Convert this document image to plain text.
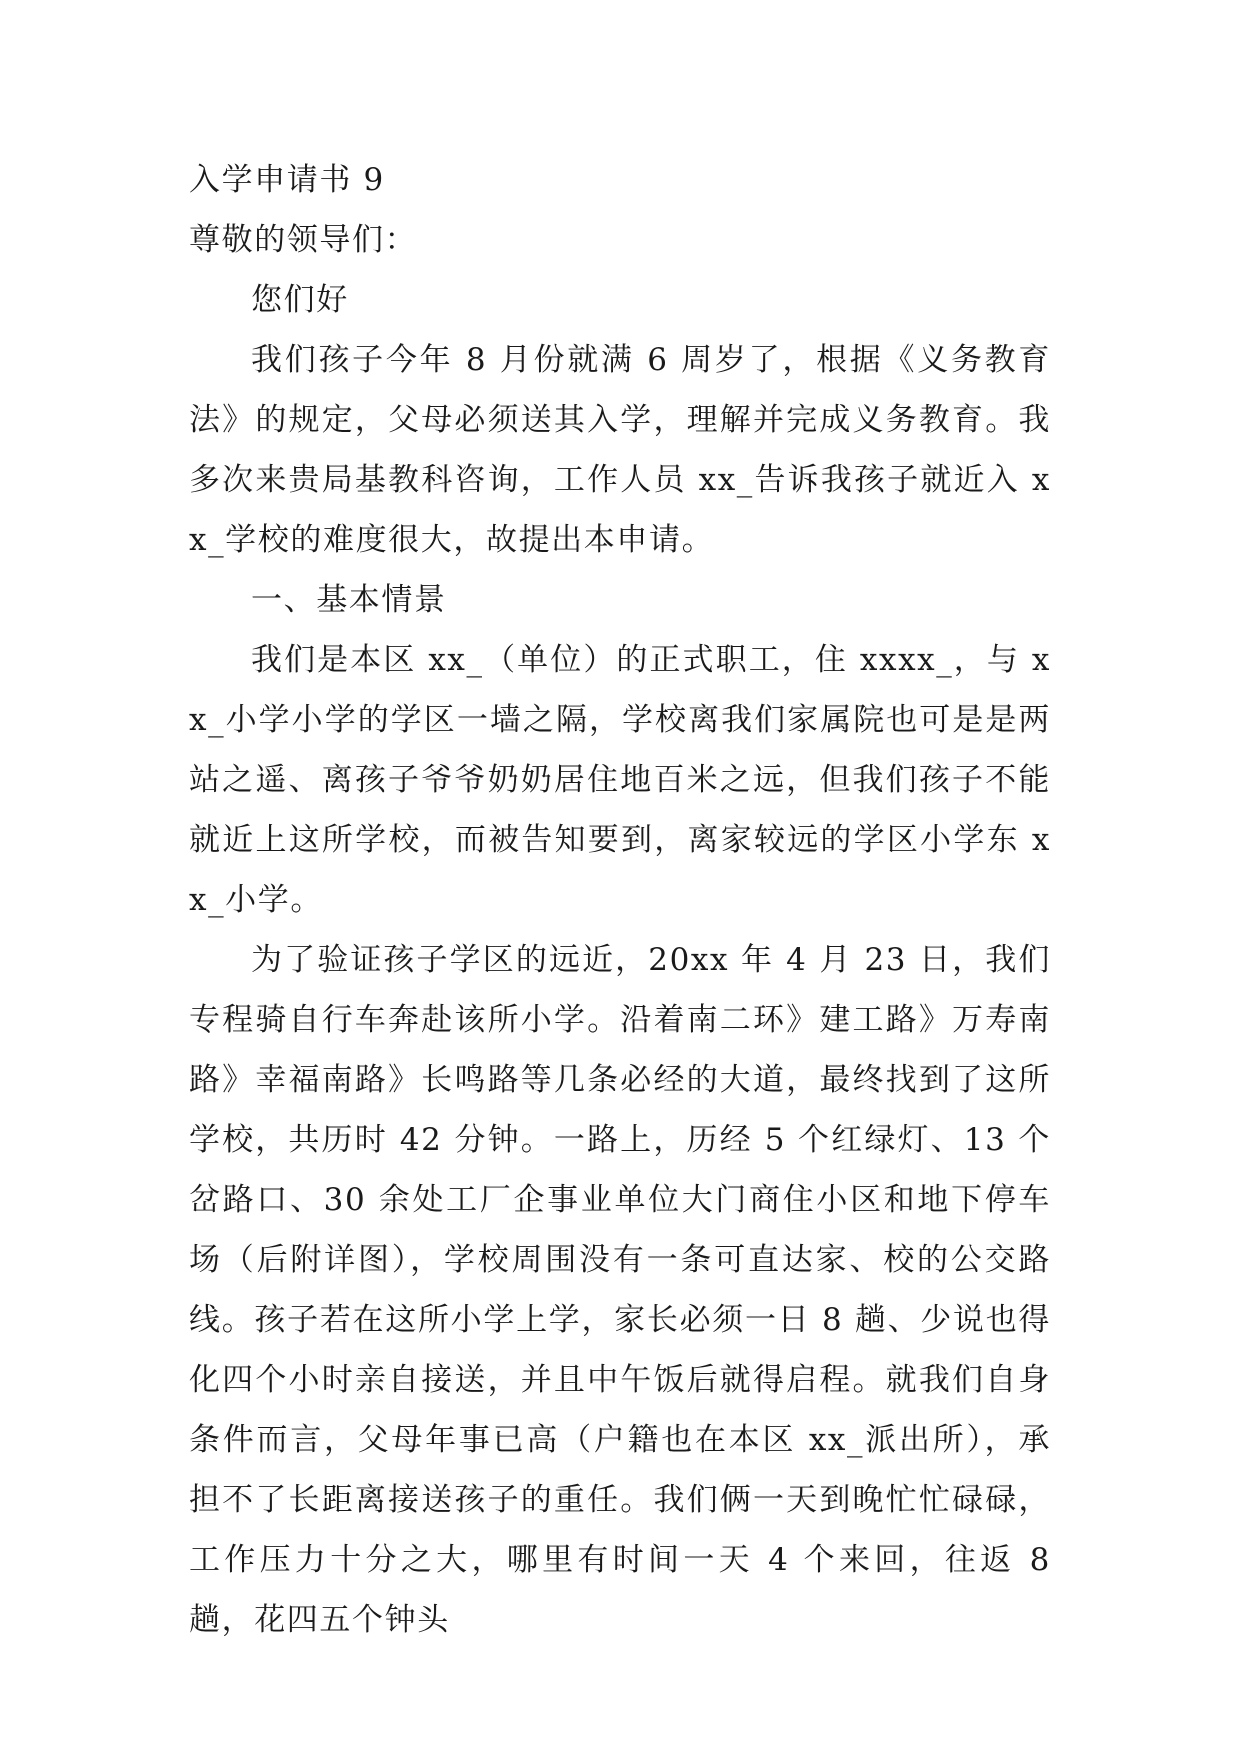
入学申请书 9

尊敬的领导们：

您们好

我们孩子今年 8 月份就满 6 周岁了，根据《义务教育法》的规定，父母必须送其入学，理解并完成义务教育。我多次来贵局基教科咨询，工作人员 xx_告诉我孩子就近入 xx_学校的难度很大，故提出本申请。

一、基本情景

我们是本区 xx_（单位）的正式职工，住 xxxx_，与 xx_小学小学的学区一墙之隔，学校离我们家属院也可是是两站之遥、离孩子爷爷奶奶居住地百米之远，但我们孩子不能就近上这所学校，而被告知要到，离家较远的学区小学东 xx_小学。

为了验证孩子学区的远近，20xx 年 4 月 23 日，我们专程骑自行车奔赴该所小学。沿着南二环》建工路》万寿南路》幸福南路》长鸣路等几条必经的大道，最终找到了这所学校，共历时 42 分钟。一路上，历经 5 个红绿灯、13 个岔路口、30 余处工厂企事业单位大门商住小区和地下停车场（后附详图），学校周围没有一条可直达家、校的公交路线。孩子若在这所小学上学，家长必须一日 8 趟、少说也得化四个小时亲自接送，并且中午饭后就得启程。就我们自身条件而言，父母年事已高（户籍也在本区 xx_派出所），承担不了长距离接送孩子的重任。我们俩一天到晚忙忙碌碌，工作压力十分之大，哪里有时间一天 4 个来回，往返 8 趟，花四五个钟头
